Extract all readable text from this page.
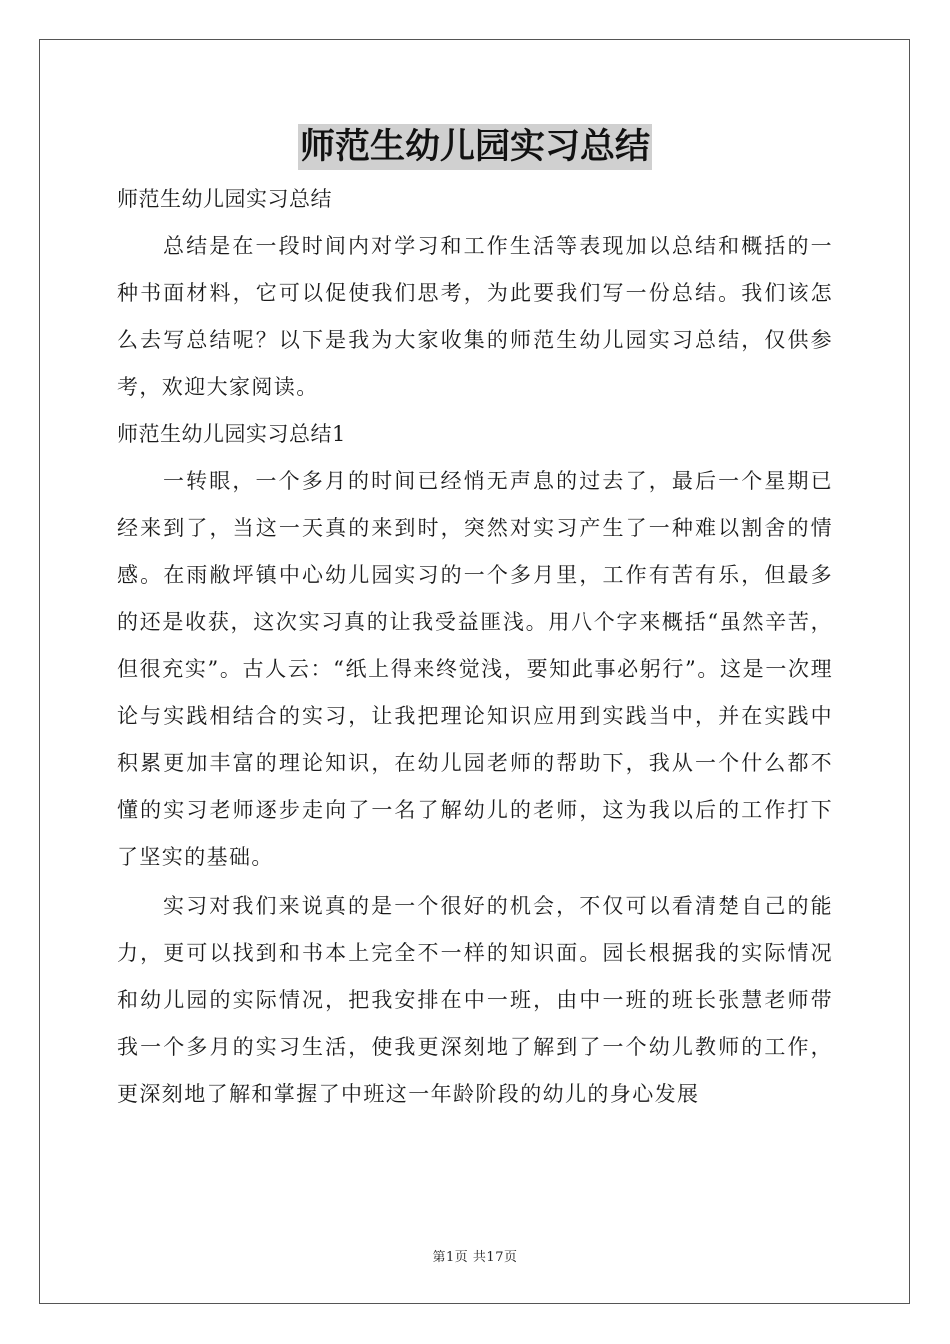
师范生幼儿园实习总结

师范生幼儿园实习总结

总结是在一段时间内对学习和工作生活等表现加以总结和概括的一种书面材料，它可以促使我们思考，为此要我们写一份总结。我们该怎么去写总结呢？以下是我为大家收集的师范生幼儿园实习总结，仅供参考，欢迎大家阅读。

师范生幼儿园实习总结1

一转眼，一个多月的时间已经悄无声息的过去了，最后一个星期已经来到了，当这一天真的来到时，突然对实习产生了一种难以割舍的情感。在雨敝坪镇中心幼儿园实习的一个多月里，工作有苦有乐，但最多的还是收获，这次实习真的让我受益匪浅。用八个字来概括“虽然辛苦，但很充实”。古人云：“纸上得来终觉浅，要知此事必躬行”。这是一次理论与实践相结合的实习，让我把理论知识应用到实践当中，并在实践中积累更加丰富的理论知识，在幼儿园老师的帮助下，我从一个什么都不懂的实习老师逐步走向了一名了解幼儿的老师，这为我以后的工作打下了坚实的基础。

实习对我们来说真的是一个很好的机会，不仅可以看清楚自己的能力，更可以找到和书本上完全不一样的知识面。园长根据我的实际情况和幼儿园的实际情况，把我安排在中一班，由中一班的班长张慧老师带我一个多月的实习生活，使我更深刻地了解到了一个幼儿教师的工作，更深刻地了解和掌握了中班这一年龄阶段的幼儿的身心发展

第1页 共17页
